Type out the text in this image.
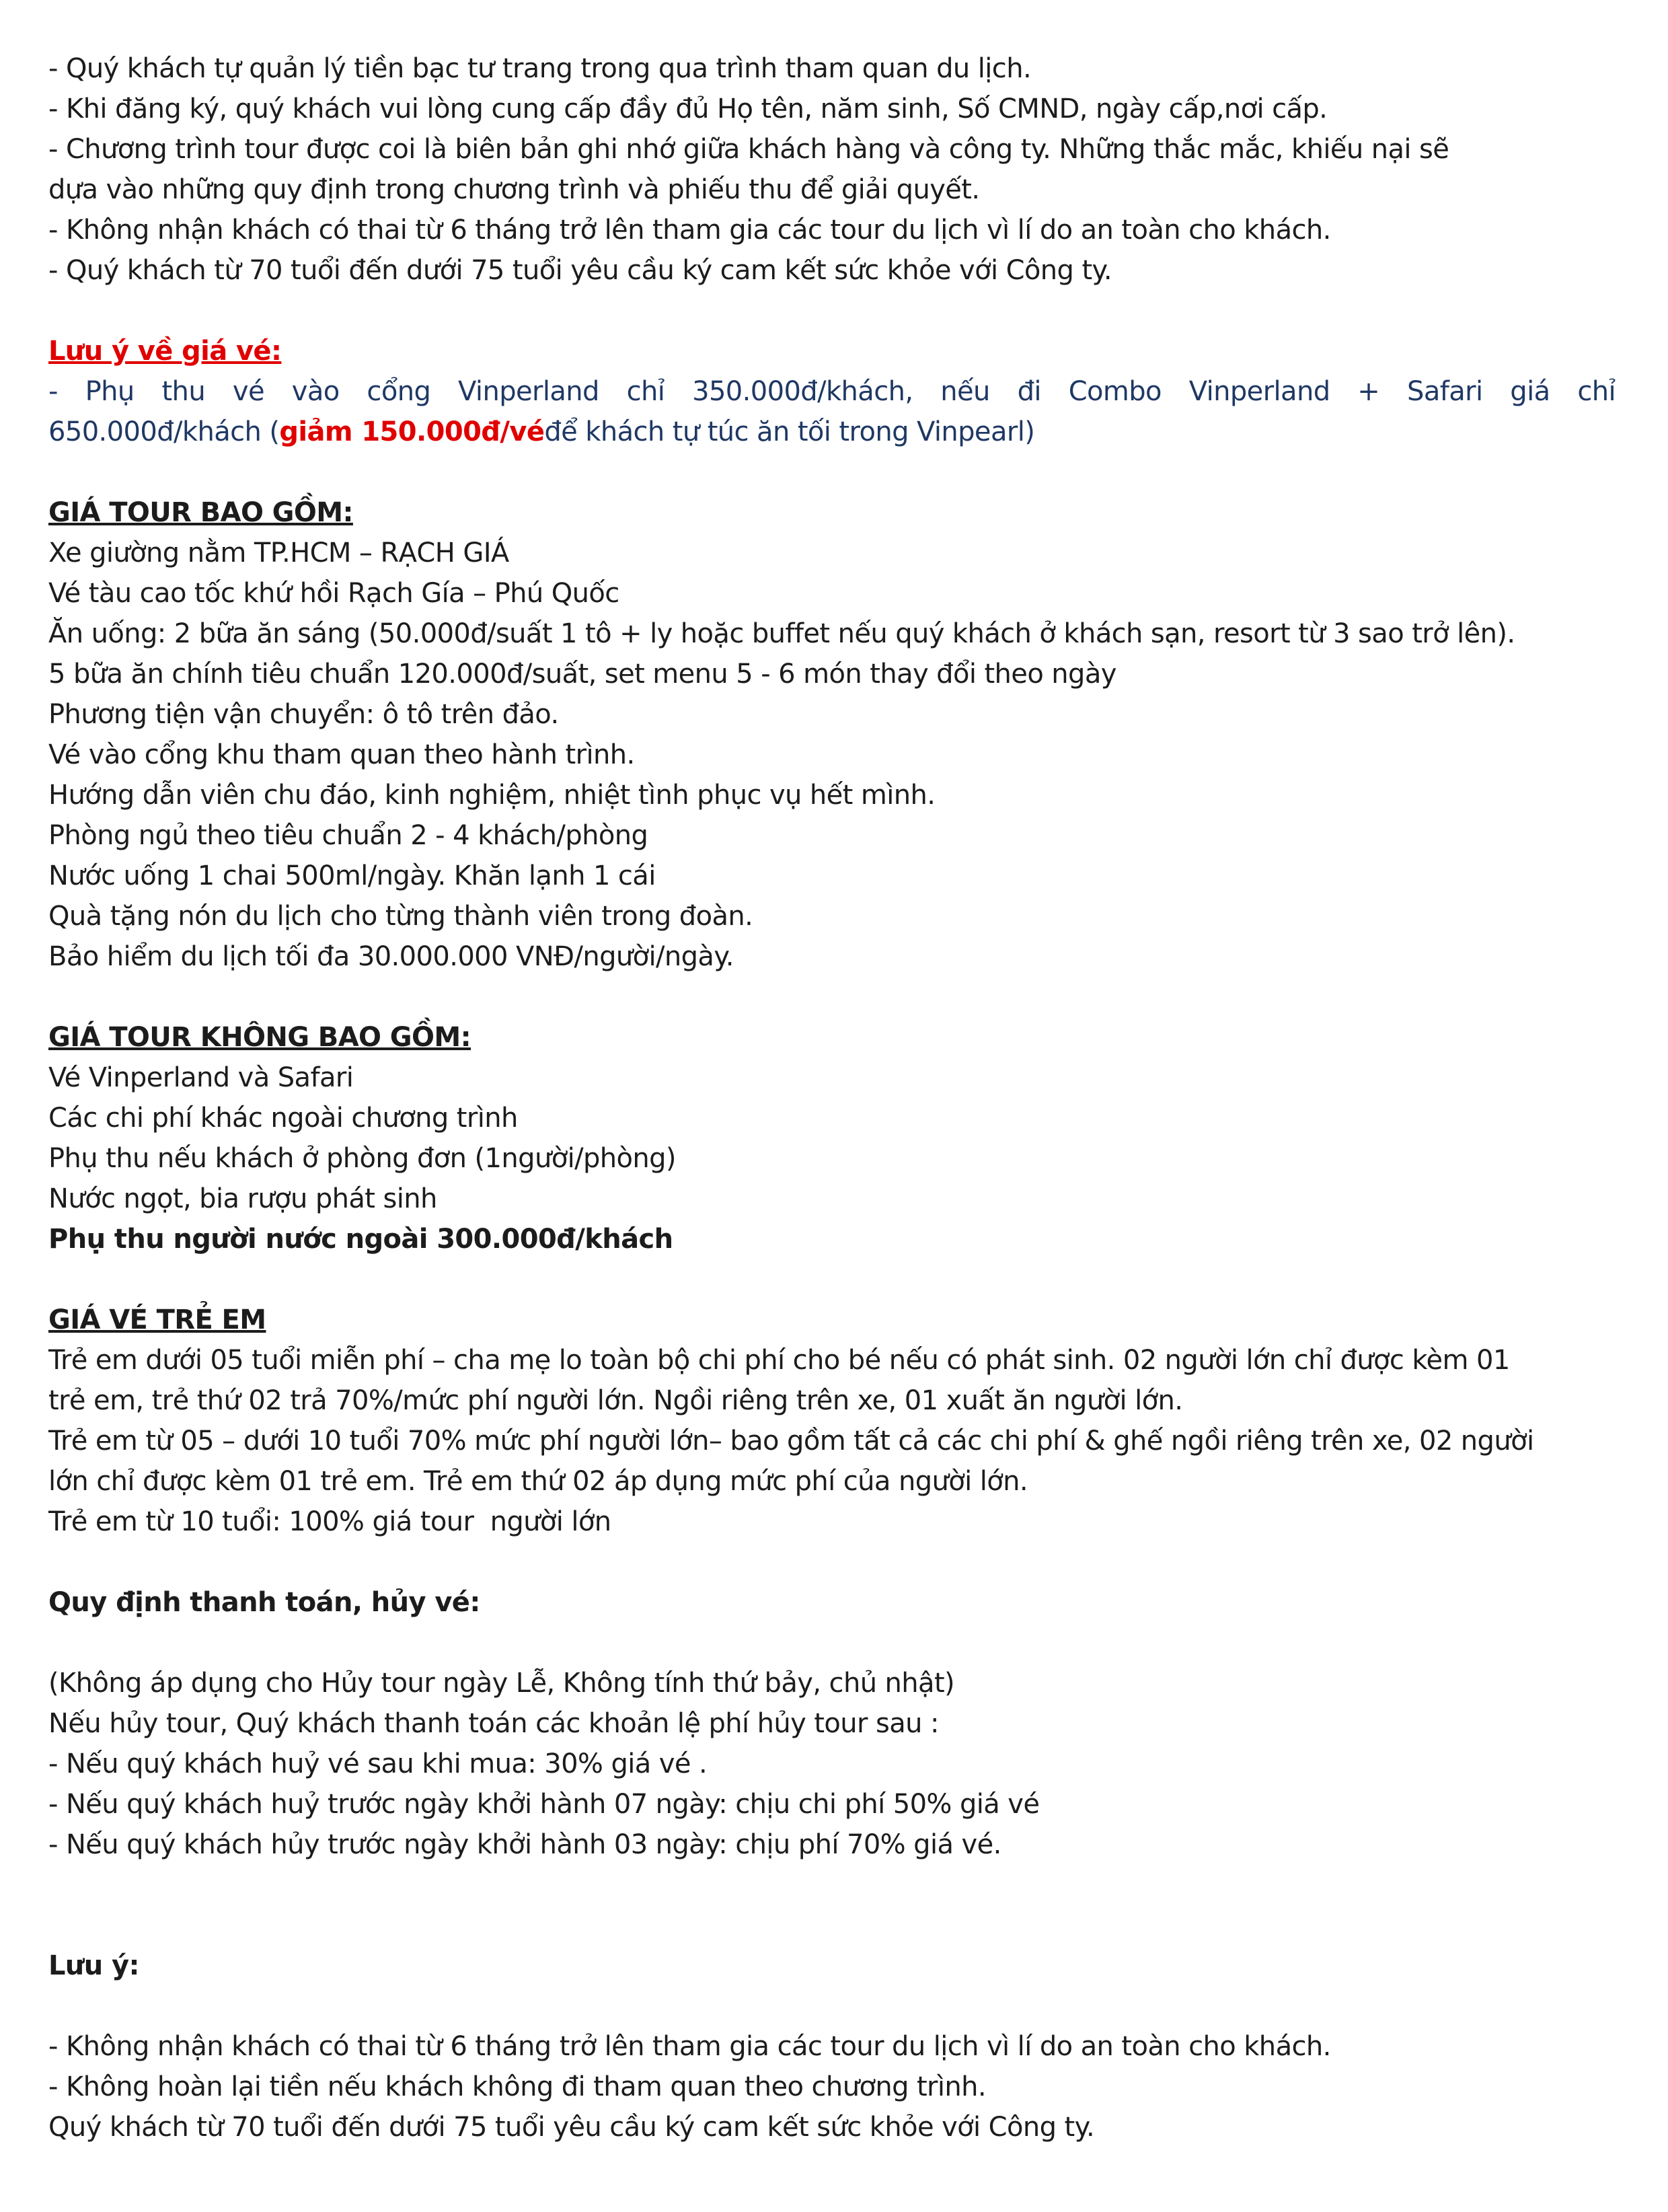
- Quý khách tự quản lý tiền bạc tư trang trong qua trình tham quan du lịch.
- Khi đăng ký, quý khách vui lòng cung cấp đầy đủ Họ tên, năm sinh, Số CMND, ngày cấp,nơi cấp.
- Chương trình tour được coi là biên bản ghi nhớ giữa khách hàng và công ty. Những thắc mắc, khiếu nại sẽ
dựa vào những quy định trong chương trình và phiếu thu để giải quyết.
- Không nhận khách có thai từ 6 tháng trở lên tham gia các tour du lịch vì lí do an toàn cho khách.
- Quý khách từ 70 tuổi đến dưới 75 tuổi yêu cầu ký cam kết sức khỏe với Công ty.
Lưu ý về giá vé:
- Phụ thu vé vào cổng Vinperland chỉ 350.000đ/khách, nếu đi Combo Vinperland + Safari giá chỉ
650.000đ/khách (giảm 150.000đ/véđể khách tự túc ăn tối trong Vinpearl)
GIÁ TOUR BAO GỒM:
Xe giường nằm TP.HCM – RẠCH GIÁ
Vé tàu cao tốc khứ hồi Rạch Gía – Phú Quốc
Ăn uống: 2 bữa ăn sáng (50.000đ/suất 1 tô + ly hoặc buffet nếu quý khách ở khách sạn, resort từ 3 sao trở lên).
5 bữa ăn chính tiêu chuẩn 120.000đ/suất, set menu 5 - 6 món thay đổi theo ngày
Phương tiện vận chuyển: ô tô trên đảo.
Vé vào cổng khu tham quan theo hành trình.
Hướng dẫn viên chu đáo, kinh nghiệm, nhiệt tình phục vụ hết mình.
Phòng ngủ theo tiêu chuẩn 2 - 4 khách/phòng
Nước uống 1 chai 500ml/ngày. Khăn lạnh 1 cái
Quà tặng nón du lịch cho từng thành viên trong đoàn.
Bảo hiểm du lịch tối đa 30.000.000 VNĐ/người/ngày.
GIÁ TOUR KHÔNG BAO GỒM:
Vé Vinperland và Safari
Các chi phí khác ngoài chương trình
Phụ thu nếu khách ở phòng đơn (1người/phòng)
Nước ngọt, bia rượu phát sinh
Phụ thu người nước ngoài 300.000đ/khách
GIÁ VÉ TRẺ EM
Trẻ em dưới 05 tuổi miễn phí – cha mẹ lo toàn bộ chi phí cho bé nếu có phát sinh. 02 người lớn chỉ được kèm 01
trẻ em, trẻ thứ 02 trả 70%/mức phí người lớn. Ngồi riêng trên xe, 01 xuất ăn người lớn.
Trẻ em từ 05 – dưới 10 tuổi 70% mức phí người lớn– bao gồm tất cả các chi phí & ghế ngồi riêng trên xe, 02 người
lớn chỉ được kèm 01 trẻ em. Trẻ em thứ 02 áp dụng mức phí của người lớn.
Trẻ em từ 10 tuổi: 100% giá tour  người lớn
Quy định thanh toán, hủy vé:
(Không áp dụng cho Hủy tour ngày Lễ, Không tính thứ bảy, chủ nhật)
Nếu hủy tour, Quý khách thanh toán các khoản lệ phí hủy tour sau :
- Nếu quý khách huỷ vé sau khi mua: 30% giá vé .
- Nếu quý khách huỷ trước ngày khởi hành 07 ngày: chịu chi phí 50% giá vé
- Nếu quý khách hủy trước ngày khởi hành 03 ngày: chịu phí 70% giá vé.
Lưu ý:
- Không nhận khách có thai từ 6 tháng trở lên tham gia các tour du lịch vì lí do an toàn cho khách.
- Không hoàn lại tiền nếu khách không đi tham quan theo chương trình.
Quý khách từ 70 tuổi đến dưới 75 tuổi yêu cầu ký cam kết sức khỏe với Công ty.
